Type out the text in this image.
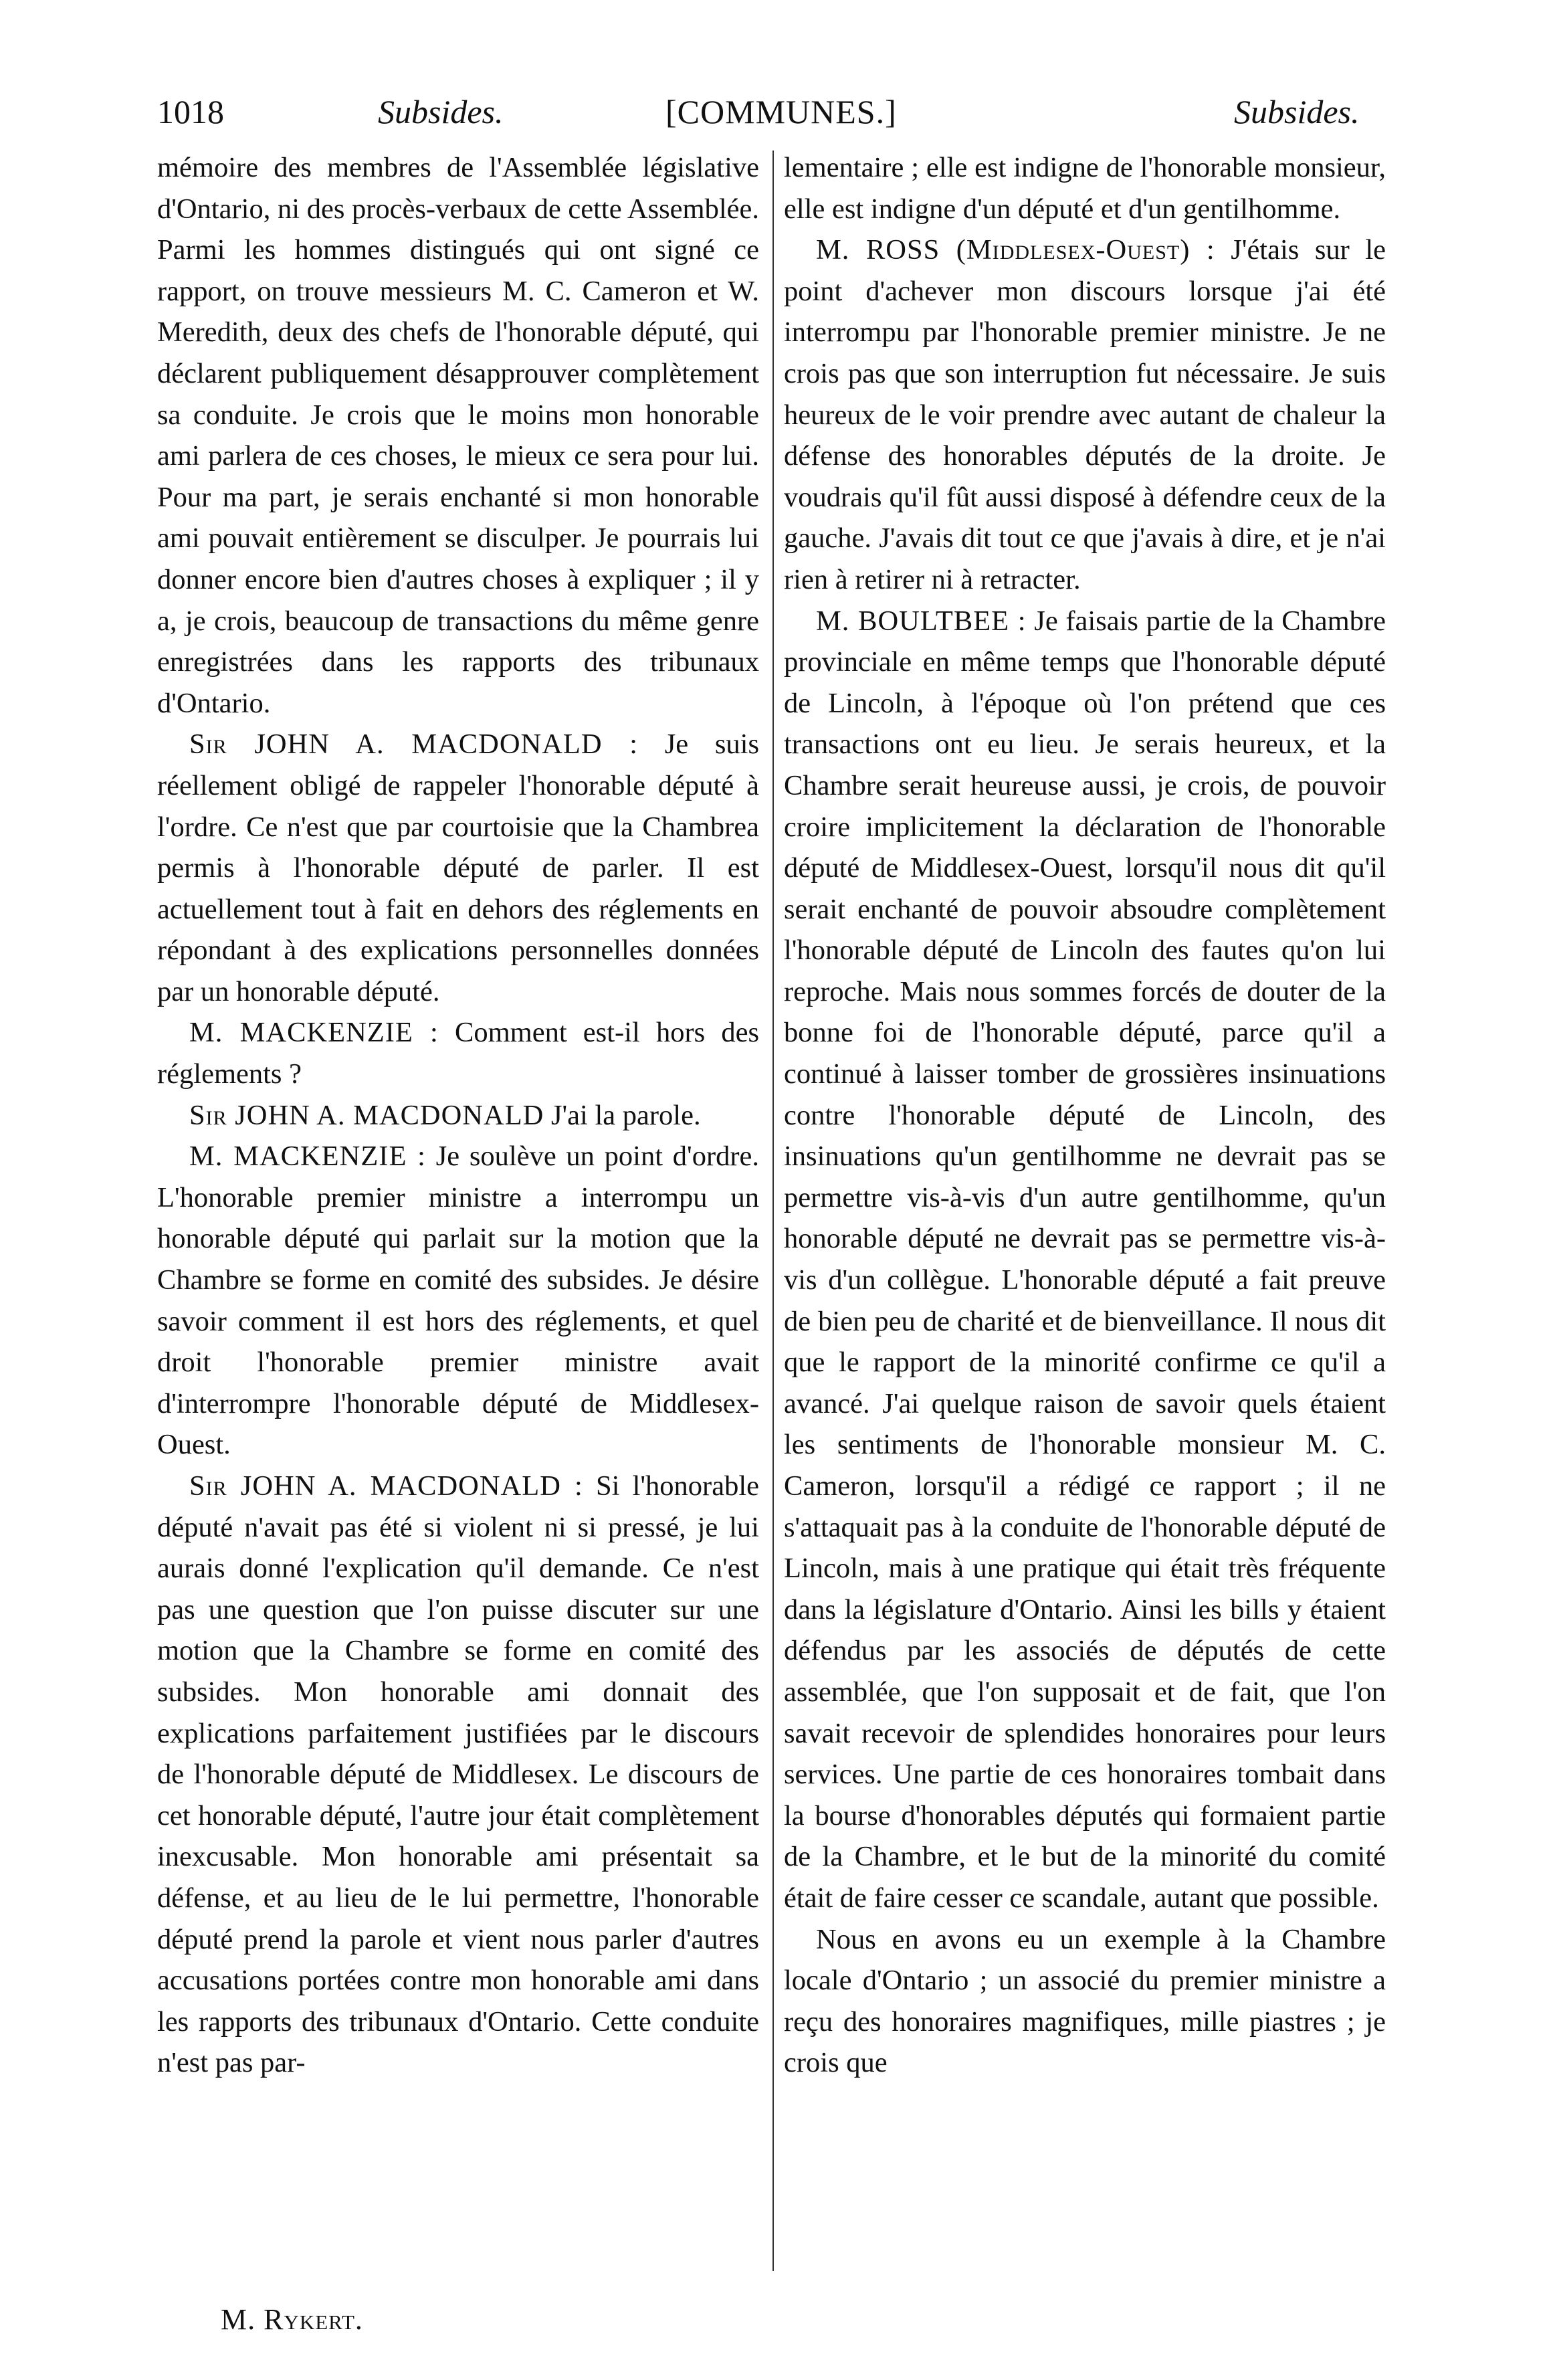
1018	Subsides.	[COMMUNES.]	Subsides.

mémoire des membres de l'Assemblée législative d'Ontario, ni des procès-verbaux de cette Assemblée. Parmi les hommes distingués qui ont signé ce rapport, on trouve messieurs M. C. Cameron et W. Meredith, deux des chefs de l'honorable député, qui déclarent publiquement désapprouver complètement sa conduite. Je crois que le moins mon honorable ami parlera de ces choses, le mieux ce sera pour lui. Pour ma part, je serais enchanté si mon honorable ami pouvait entièrement se disculper. Je pourrais lui donner encore bien d'autres choses à expliquer ; il y a, je crois, beaucoup de transactions du même genre enregistrées dans les rapports des tribunaux d'Ontario.

Sir JOHN A. MACDONALD : Je suis réellement obligé de rappeler l'honorable député à l'ordre. Ce n'est que par courtoisie que la Chambrea permis à l'honorable député de parler. Il est actuellement tout à fait en dehors des réglements en répondant à des explications personnelles données par un honorable député.

M. MACKENZIE : Comment est-il hors des réglements ?

Sir JOHN A. MACDONALD J'ai la parole.

M. MACKENZIE : Je soulève un point d'ordre. L'honorable premier ministre a interrompu un honorable député qui parlait sur la motion que la Chambre se forme en comité des subsides. Je désire savoir comment il est hors des réglements, et quel droit l'honorable premier ministre avait d'interrompre l'honorable député de Middlesex-Ouest.

Sir JOHN A. MACDONALD : Si l'honorable député n'avait pas été si violent ni si pressé, je lui aurais donné l'explication qu'il demande. Ce n'est pas une question que l'on puisse discuter sur une motion que la Chambre se forme en comité des subsides. Mon honorable ami donnait des explications parfaitement justifiées par le discours de l'honorable député de Middlesex. Le discours de cet honorable député, l'autre jour était complètement inexcusable. Mon honorable ami présentait sa défense, et au lieu de le lui permettre, l'honorable député prend la parole et vient nous parler d'autres accusations portées contre mon honorable ami dans les rapports des tribunaux d'Ontario. Cette conduite n'est pas par-

lementaire ; elle est indigne de l'honorable monsieur, elle est indigne d'un député et d'un gentilhomme.

M. ROSS (Middlesex-Ouest) : J'étais sur le point d'achever mon discours lorsque j'ai été interrompu par l'honorable premier ministre. Je ne crois pas que son interruption fut nécessaire. Je suis heureux de le voir prendre avec autant de chaleur la défense des honorables députés de la droite. Je voudrais qu'il fût aussi disposé à défendre ceux de la gauche. J'avais dit tout ce que j'avais à dire, et je n'ai rien à retirer ni à retracter.

M. BOULTBEE : Je faisais partie de la Chambre provinciale en même temps que l'honorable député de Lincoln, à l'époque où l'on prétend que ces transactions ont eu lieu. Je serais heureux, et la Chambre serait heureuse aussi, je crois, de pouvoir croire implicitement la déclaration de l'honorable député de Middlesex-Ouest, lorsqu'il nous dit qu'il serait enchanté de pouvoir absoudre complètement l'honorable député de Lincoln des fautes qu'on lui reproche. Mais nous sommes forcés de douter de la bonne foi de l'honorable député, parce qu'il a continué à laisser tomber de grossières insinuations contre l'honorable député de Lincoln, des insinuations qu'un gentilhomme ne devrait pas se permettre vis-à-vis d'un autre gentilhomme, qu'un honorable député ne devrait pas se permettre vis-à-vis d'un collègue. L'honorable député a fait preuve de bien peu de charité et de bienveillance. Il nous dit que le rapport de la minorité confirme ce qu'il a avancé. J'ai quelque raison de savoir quels étaient les sentiments de l'honorable monsieur M. C. Cameron, lorsqu'il a rédigé ce rapport ; il ne s'attaquait pas à la conduite de l'honorable député de Lincoln, mais à une pratique qui était très fréquente dans la législature d'Ontario. Ainsi les bills y étaient défendus par les associés de députés de cette assemblée, que l'on supposait et de fait, que l'on savait recevoir de splendides honoraires pour leurs services. Une partie de ces honoraires tombait dans la bourse d'honorables députés qui formaient partie de la Chambre, et le but de la minorité du comité était de faire cesser ce scandale, autant que possible.

Nous en avons eu un exemple à la Chambre locale d'Ontario ; un associé du premier ministre a reçu des honoraires magnifiques, mille piastres ; je crois que

M. Rykert.
